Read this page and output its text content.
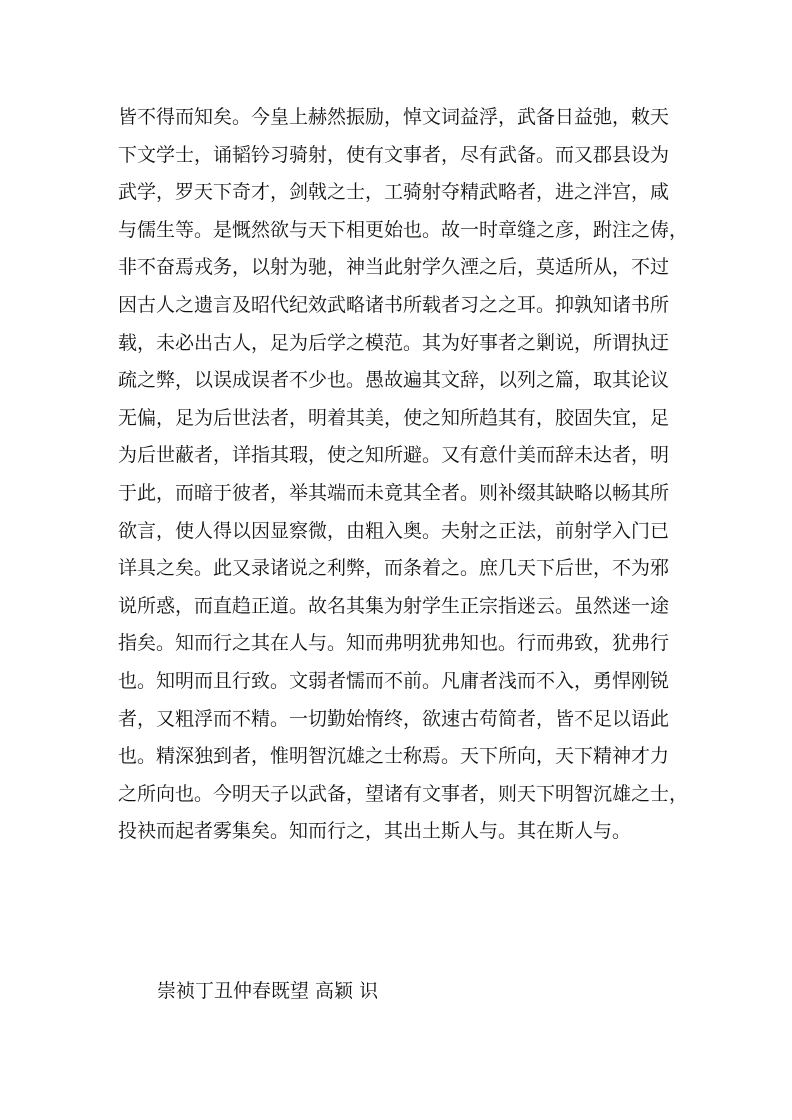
皆不得而知矣。今皇上赫然振励，悼文词益浮，武备日益弛，敕天
下文学士，诵韬钤习骑射，使有文事者，尽有武备。而又郡县设为
武学，罗天下奇才，剑戟之士，工骑射夺精武略者，进之泮宫，咸
与儒生等。是慨然欲与天下相更始也。故一时章缝之彦，跗注之俦，
非不奋焉戎务，以射为驰，神当此射学久湮之后，莫适所从，不过
因古人之遗言及昭代纪效武略诸书所载者习之之耳。抑孰知诸书所
载，未必出古人，足为后学之模范。其为好事者之剿说，所谓执迂
疏之弊，以误成误者不少也。愚故遍其文辞，以列之篇，取其论议
无偏，足为后世法者，明着其美，使之知所趋其有，胶固失宜，足
为后世蔽者，详指其瑕，使之知所避。又有意什美而辞未达者，明
于此，而暗于彼者，举其端而未竟其全者。则补缀其缺略以畅其所
欲言，使人得以因显察微，由粗入奥。夫射之正法，前射学入门已
详具之矣。此又录诸说之利弊，而条着之。庶几天下后世，不为邪
说所惑，而直趋正道。故名其集为射学生正宗指迷云。虽然迷一途
指矣。知而行之其在人与。知而弗明犹弗知也。行而弗致，犹弗行
也。知明而且行致。文弱者懦而不前。凡庸者浅而不入，勇悍刚锐
者，又粗浮而不精。一切勤始惰终，欲速古苟简者，皆不足以语此
也。精深独到者，惟明智沉雄之士称焉。天下所向，天下精神才力
之所向也。今明天子以武备，望诸有文事者，则天下明智沉雄之士，
投袂而起者雾集矣。知而行之，其出土斯人与。其在斯人与。
崇祯丁丑仲春既望 高颖 识
